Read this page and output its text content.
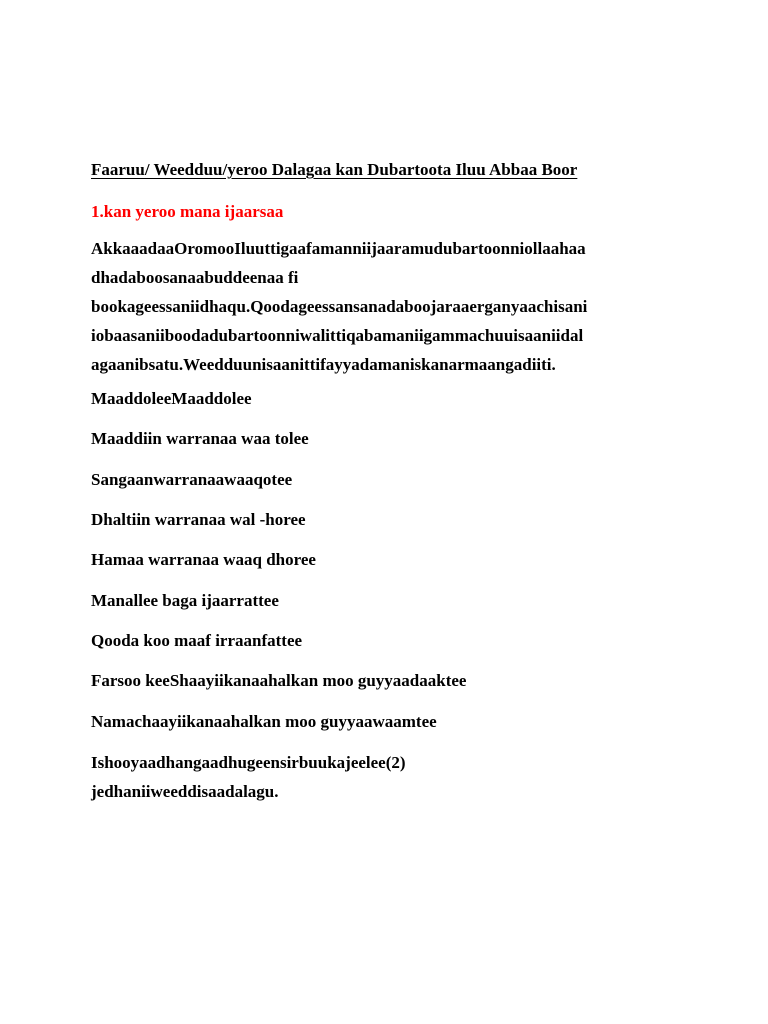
Faaruu/ Weedduu/yeroo Dalagaa kan Dubartoota Iluu Abbaa Boor
1.kan yeroo mana ijaarsaa
AkkaaadaaOromooIluuttigaafamanniijaaramudubartoonniollaahaa
dhadaboosanaabuddeenaa fi
bookageessaniidhaqu.Qoodageessansanadaboojaraaerganyaachisani
iobaasaniiboodadubartoonniwalittiqabamaniigammachuuisaaniidal
agaanibsatu.Weedduunisaanittifayyadamaniskanarmaangadiiti.
MaaddoleeMaaddolee
Maaddiin warranaa waa tolee
Sangaanwarranaawaaqotee
Dhaltiin warranaa wal -horee
Hamaa warranaa waaq dhoree
Manallee baga ijaarrattee
Qooda koo maaf irraanfattee
Farsoo keeShaayiikanaahalkan moo guyyaadaaktee
Namachaayiikanaahalkan moo guyyaawaamtee
Ishooyaadhangaadhugeensirbuukajeelee(2)
jedhaniiweeddisaadalagu.
